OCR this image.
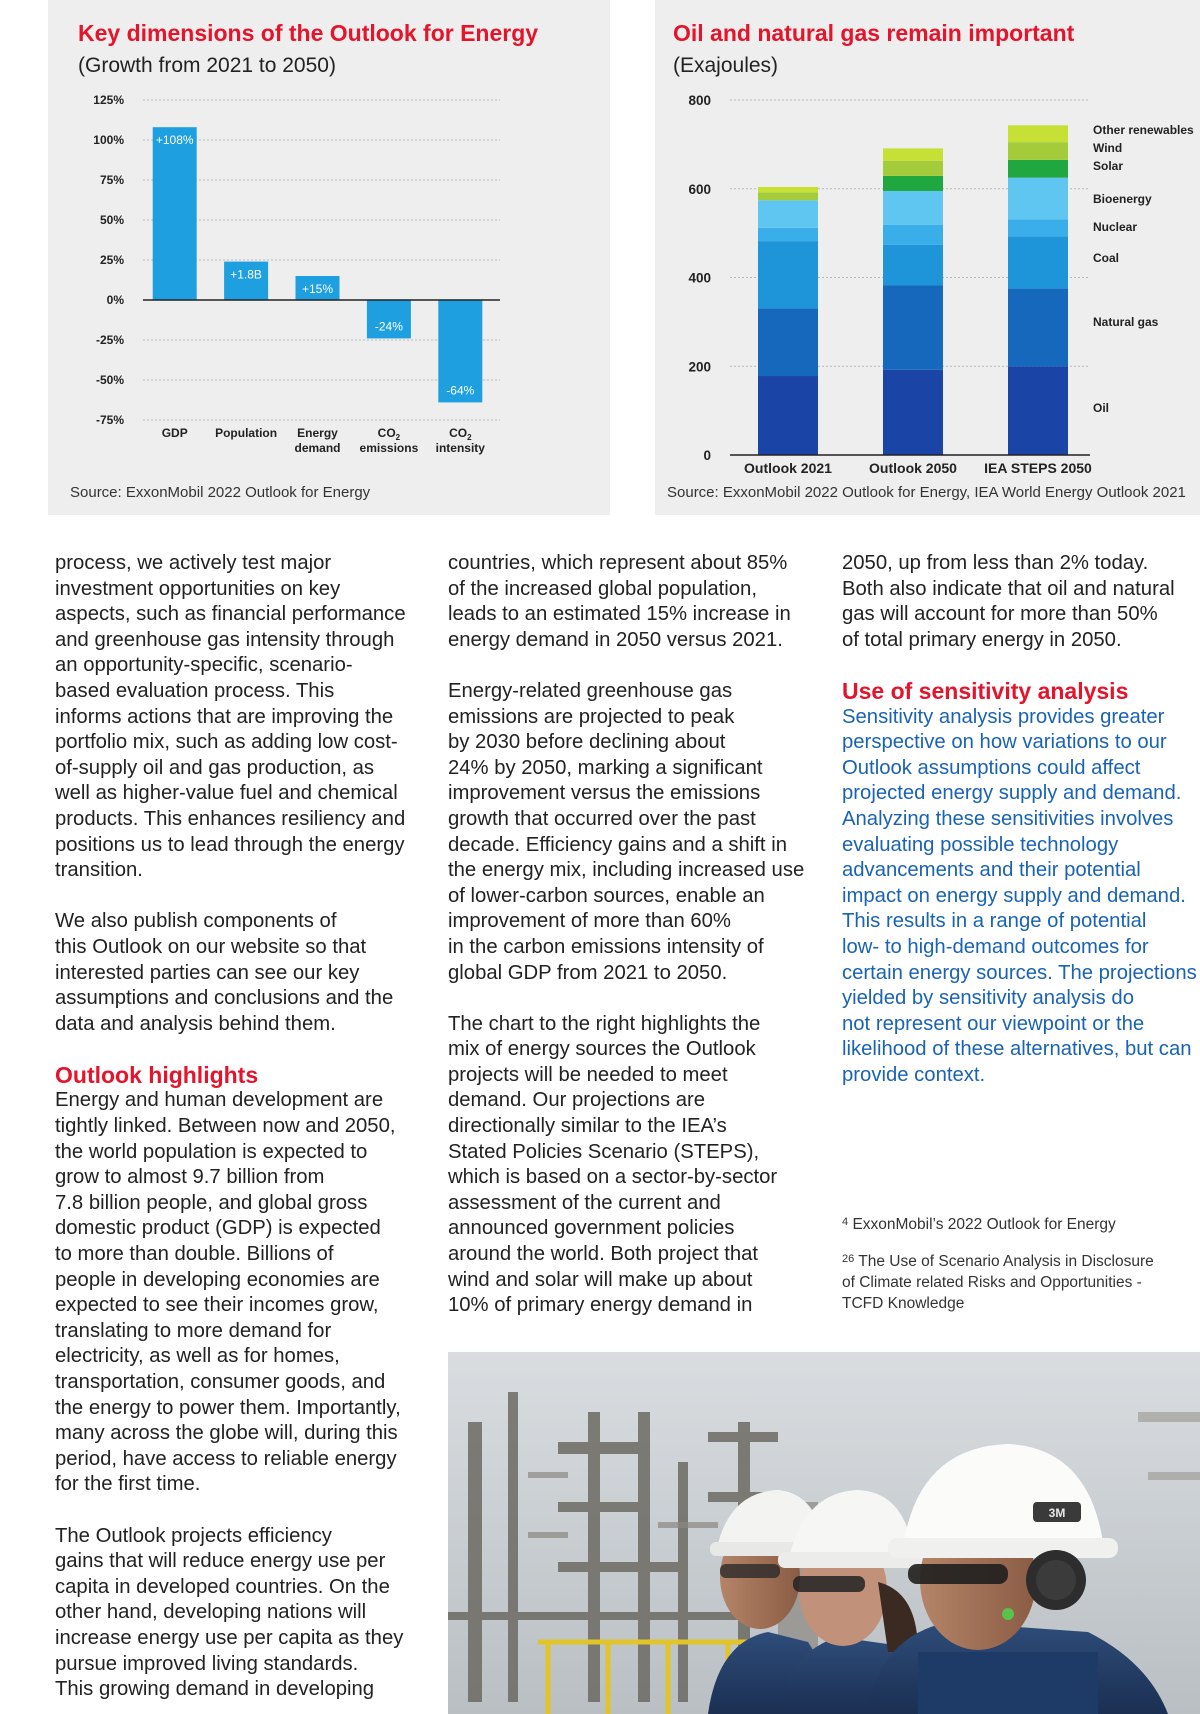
Key dimensions of the Outlook for Energy
(Growth from 2021 to 2050)
125%
100%
75%
50%
25%
0%
-25%
-50%
-75%
+108%
GDP
+1.8B
Population
+15%
Energy
demand
-24%
$CO_2$
emissions
-64%
$CO_2$
intensity
Source: ExxonMobil 2022 Outlook for Energy
Oil and natural gas remain important
(Exajoules)
0
200
400
600
800
Outlook 2021	Outlook 2050 IEA STEPS 2050
Oil
Natural gas
Coal
Nuclear
Bioenergy
Solar
Wind
Other renewables
Source: ExxonMobil 2022 Outlook for Energy, IEA World Energy Outlook 2021

process, we actively test major
investment opportunities on key
aspects, such as financial performance
and greenhouse gas intensity through
an opportunity-specific, scenario-
based evaluation process. This
informs actions that are improving the
portfolio mix, such as adding low cost-
of-supply oil and gas production, as
well as higher-value fuel and chemical
products. This enhances resiliency and
positions us to lead through the energy
transition.

We also publish components of
this Outlook on our website so that
interested parties can see our key
assumptions and conclusions and the
data and analysis behind them.

Outlook highlights

Energy and human development are
tightly linked. Between now and 2050,
the world population is expected to
grow to almost 9.7 billion from
7.8 billion people, and global gross
domestic product (GDP) is expected
to more than double. Billions of
people in developing economies are
expected to see their incomes grow,
translating to more demand for
electricity, as well as for homes,
transportation, consumer goods, and
the energy to power them. Importantly,
many across the globe will, during this
period, have access to reliable energy
for the first time.

The Outlook projects efficiency
gains that will reduce energy use per
capita in developed countries. On the
other hand, developing nations will
increase energy use per capita as they
pursue improved living standards.
This growing demand in developing

countries, which represent about 85%
of the increased global population,
leads to an estimated 15% increase in
energy demand in 2050 versus 2021.

Energy-related greenhouse gas
emissions are projected to peak
by 2030 before declining about
24% by 2050, marking a significant
improvement versus the emissions
growth that occurred over the past
decade. Efficiency gains and a shift in
the energy mix, including increased use
of lower-carbon sources, enable an
improvement of more than 60%
in the carbon emissions intensity of
global GDP from 2021 to 2050.

The chart to the right highlights the
mix of energy sources the Outlook
projects will be needed to meet
demand. Our projections are
directionally similar to the IEA’s
Stated Policies Scenario (STEPS),
which is based on a sector-by-sector
assessment of the current and
announced government policies
around the world. Both project that
wind and solar will make up about
10% of primary energy demand in

2050, up from less than 2% today.
Both also indicate that oil and natural
gas will account for more than 50%
of total primary energy in 2050.

Use of sensitivity analysis

Sensitivity analysis provides greater
perspective on how variations to our
Outlook assumptions could affect
projected energy supply and demand.
Analyzing these sensitivities involves
evaluating possible technology
advancements and their potential
impact on energy supply and demand.
This results in a range of potential
low- to high-demand outcomes for
certain energy sources. The projections
yielded by sensitivity analysis do
not represent our viewpoint or the
likelihood of these alternatives, but can
provide context.

$^4$ ExxonMobil’s 2022 Outlook for Energy
$^{26}$ The Use of Scenario Analysis in Disclosure
of Climate related Risks and Opportunities -
TCFD Knowledge
3M
